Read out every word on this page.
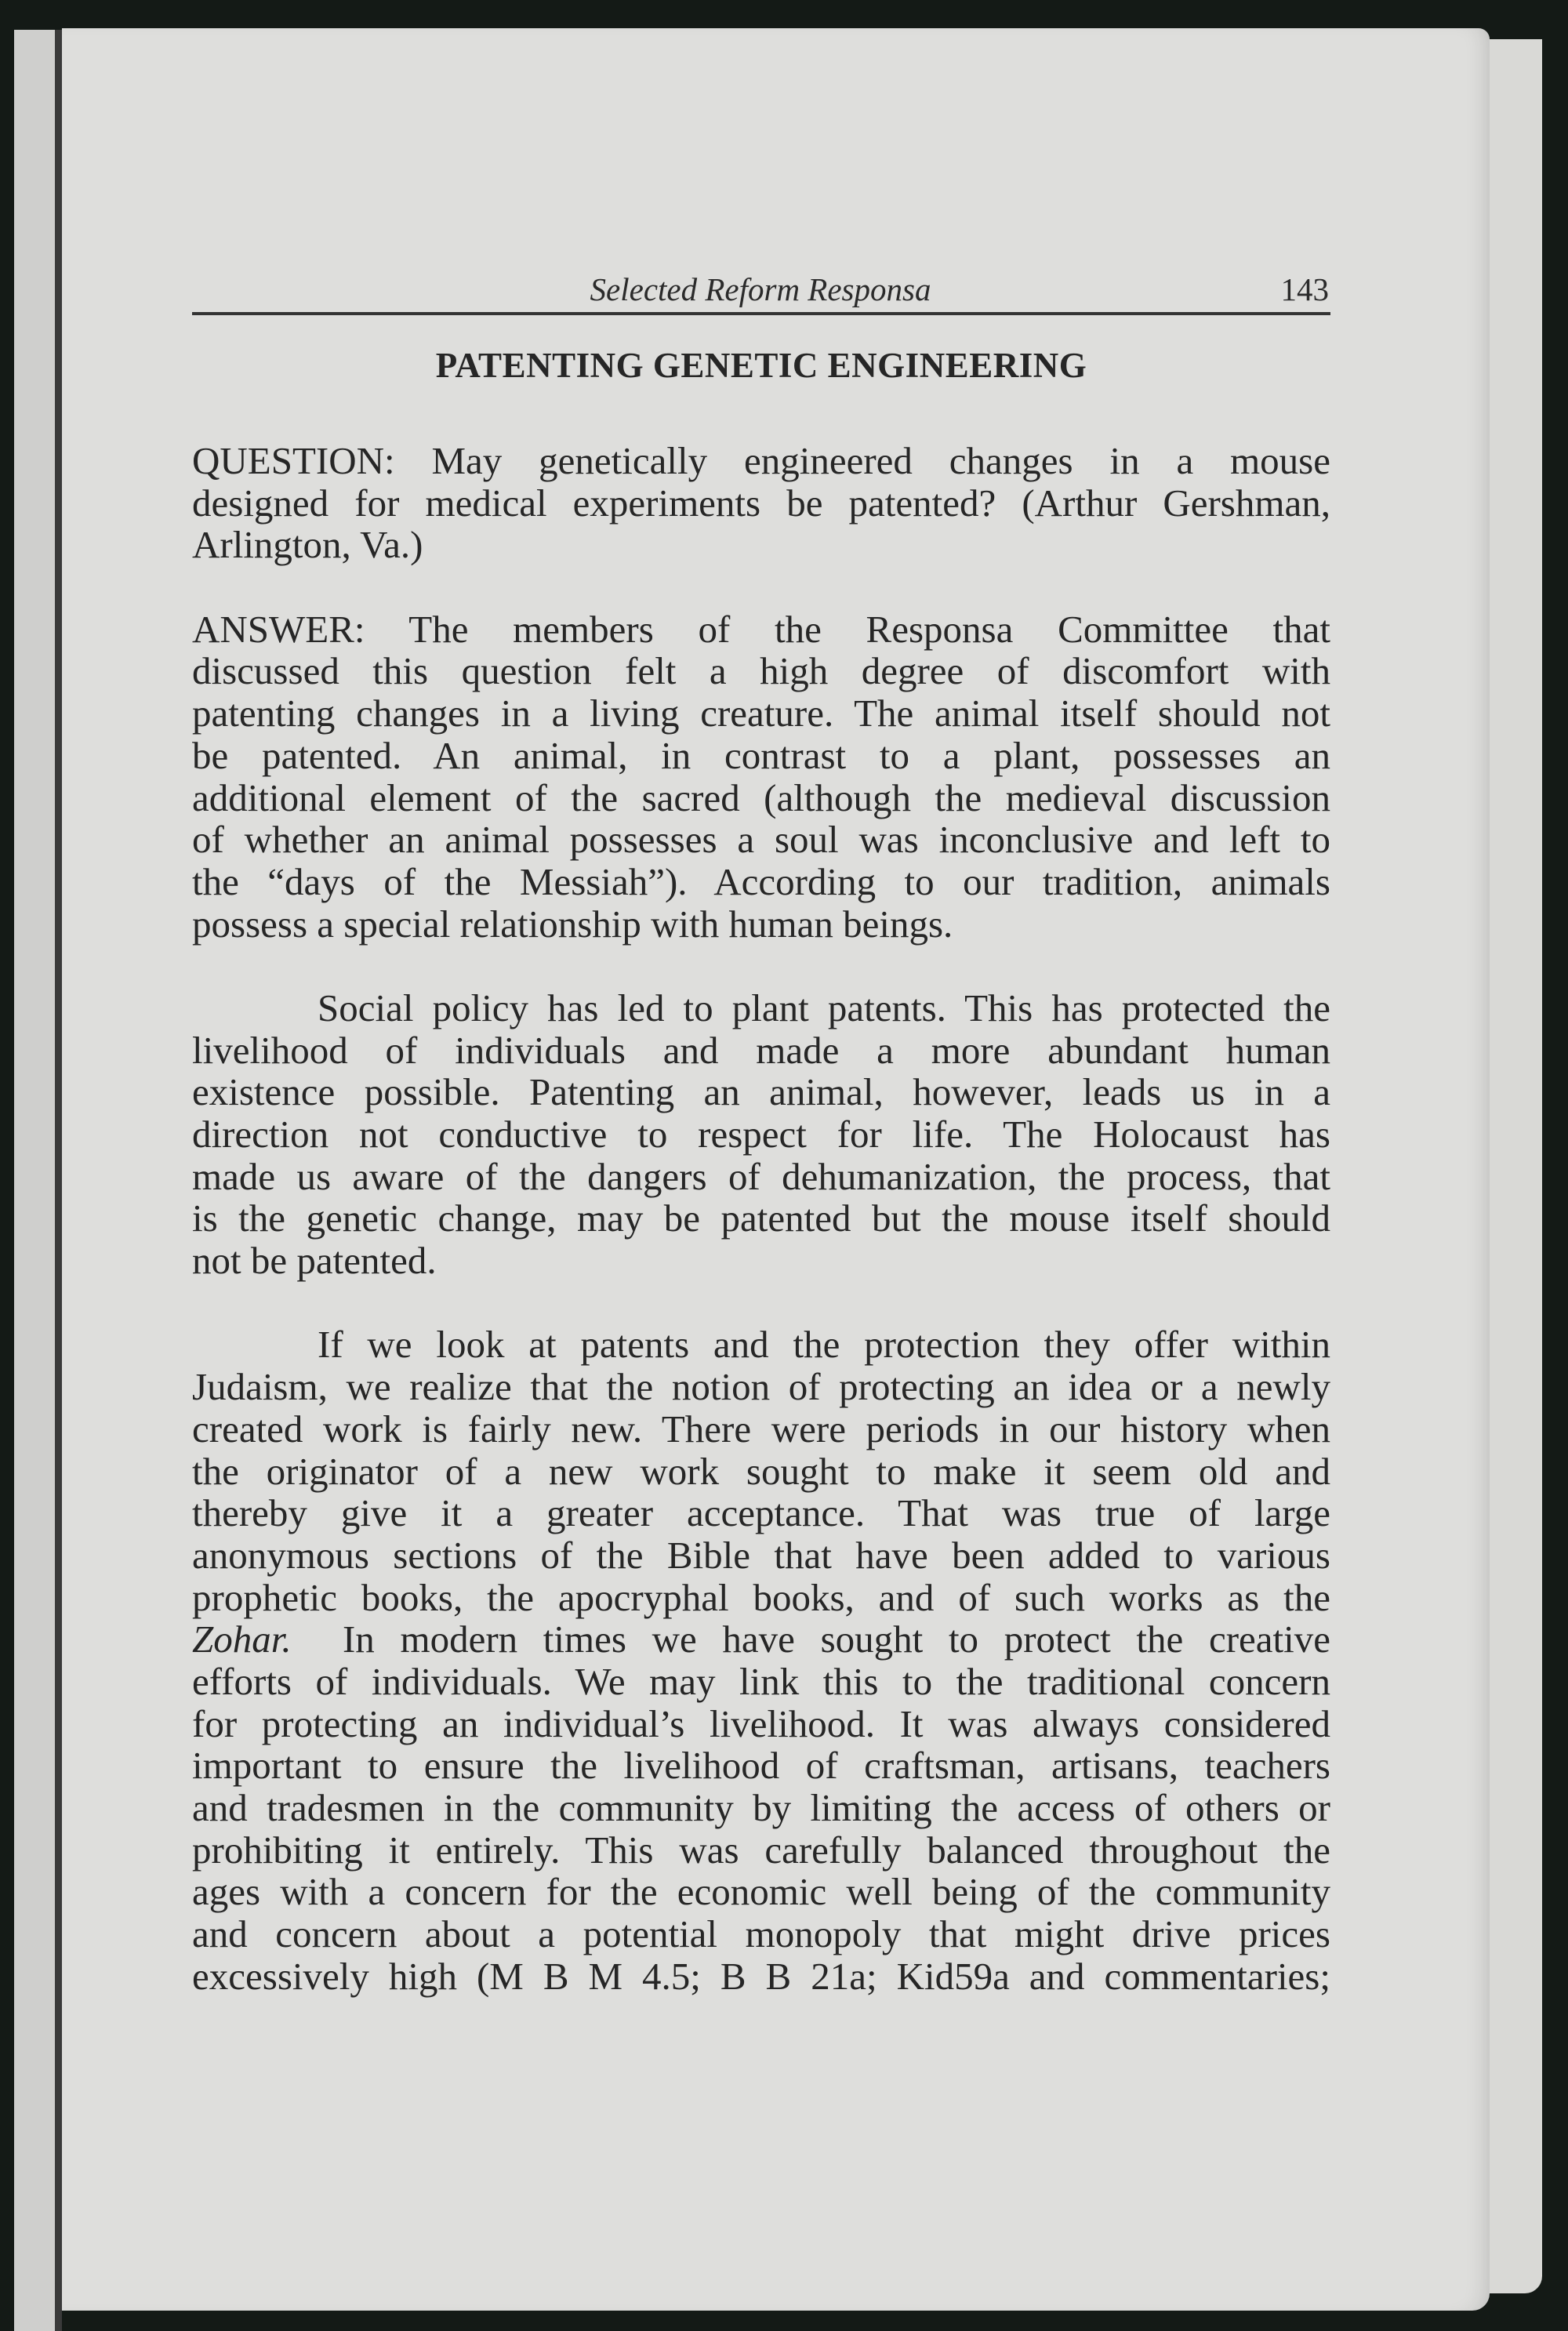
Selected Reform Responsa	143
PATENTING GENETIC ENGINEERING
QUESTION: May genetically engineered changes in a mouse
designed for medical experiments be patented? (Arthur Gershman,
Arlington, Va.)
ANSWER: The members of the Responsa Committee that
discussed this question felt a high degree of discomfort with
patenting changes in a living creature. The animal itself should not
be patented. An animal, in contrast to a plant, possesses an
additional element of the sacred (although the medieval discussion
of whether an animal possesses a soul was inconclusive and left to
the “days of the Messiah”). According to our tradition, animals
possess a special relationship with human beings.
Social policy has led to plant patents. This has protected the
livelihood of individuals and made a more abundant human
existence possible. Patenting an animal, however, leads us in a
direction not conductive to respect for life. The Holocaust has
made us aware of the dangers of dehumanization, the process, that
is the genetic change, may be patented but the mouse itself should
not be patented.
If we look at patents and the protection they offer within
Judaism, we realize that the notion of protecting an idea or a newly
created work is fairly new. There were periods in our history when
the originator of a new work sought to make it seem old and
thereby give it a greater acceptance. That was true of large
anonymous sections of the Bible that have been added to various
prophetic books, the apocryphal books, and of such works as the
Zohar.  In modern times we have sought to protect the creative
efforts of individuals. We may link this to the traditional concern
for protecting an individual’s livelihood. It was always considered
important to ensure the livelihood of craftsman, artisans, teachers
and tradesmen in the community by limiting the access of others or
prohibiting it entirely. This was carefully balanced throughout the
ages with a concern for the economic well being of the community
and concern about a potential monopoly that might drive prices
excessively high (M B M 4.5; B B 21a; Kid59a and commentaries;
